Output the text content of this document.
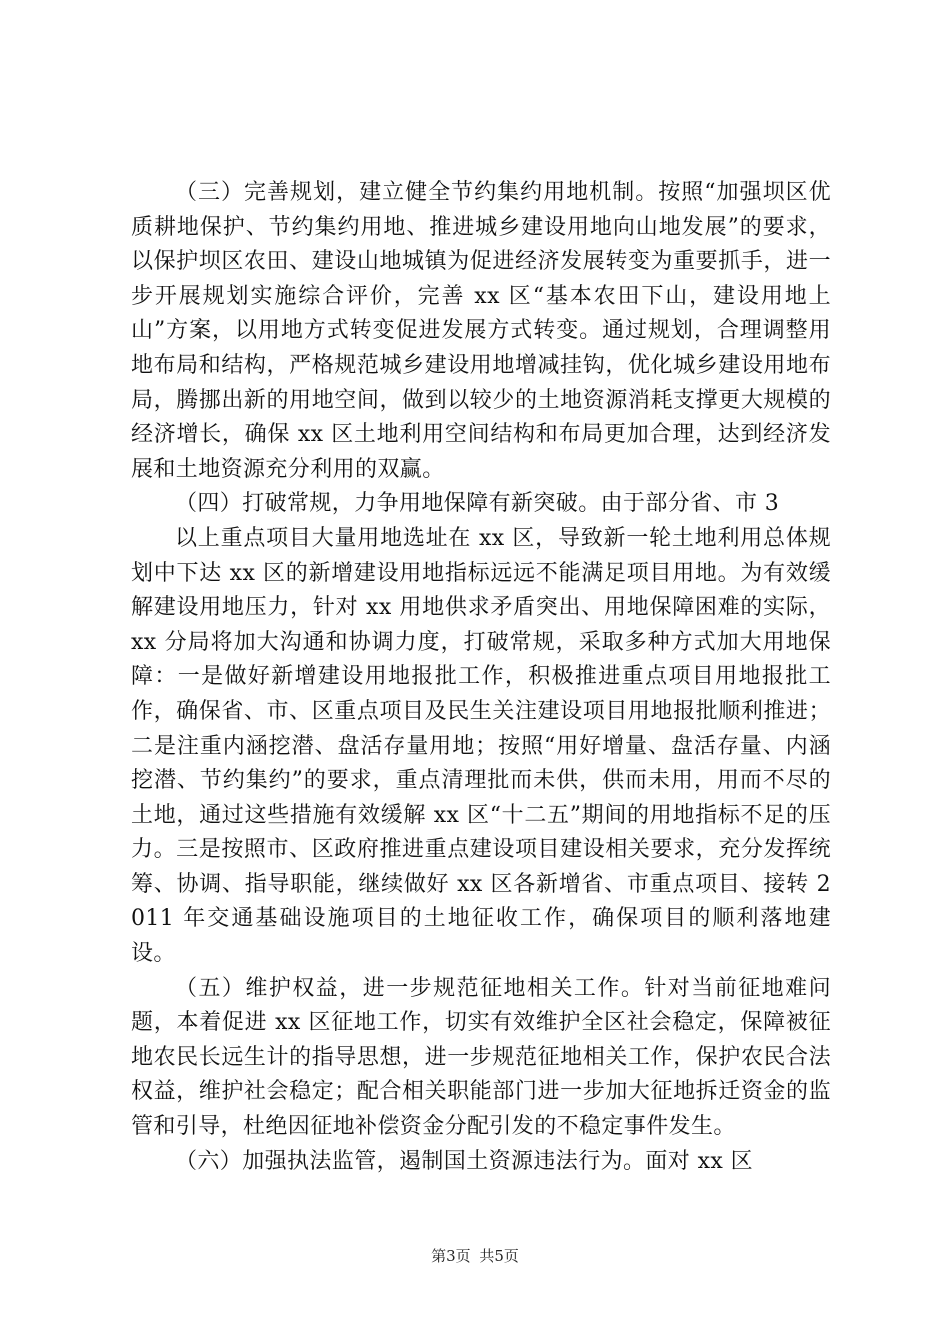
（三）完善规划，建立健全节约集约用地机制。按照“加强坝区优质耕地保护、节约集约用地、推进城乡建设用地向山地发展”的要求，以保护坝区农田、建设山地城镇为促进经济发展转变为重要抓手，进一步开展规划实施综合评价，完善 xx 区“基本农田下山，建设用地上山”方案，以用地方式转变促进发展方式转变。通过规划，合理调整用地布局和结构，严格规范城乡建设用地增减挂钩，优化城乡建设用地布局，腾挪出新的用地空间，做到以较少的土地资源消耗支撑更大规模的经济增长，确保 xx 区土地利用空间结构和布局更加合理，达到经济发展和土地资源充分利用的双赢。

（四）打破常规，力争用地保障有新突破。由于部分省、市 3

以上重点项目大量用地选址在 xx 区，导致新一轮土地利用总体规划中下达 xx 区的新增建设用地指标远远不能满足项目用地。为有效缓解建设用地压力，针对 xx 用地供求矛盾突出、用地保障困难的实际，xx 分局将加大沟通和协调力度，打破常规，采取多种方式加大用地保障：一是做好新增建设用地报批工作，积极推进重点项目用地报批工作，确保省、市、区重点项目及民生关注建设项目用地报批顺利推进；二是注重内涵挖潜、盘活存量用地；按照“用好增量、盘活存量、内涵挖潜、节约集约”的要求，重点清理批而未供，供而未用，用而不尽的土地，通过这些措施有效缓解 xx 区“十二五”期间的用地指标不足的压力。三是按照市、区政府推进重点建设项目建设相关要求，充分发挥统筹、协调、指导职能，继续做好 xx 区各新增省、市重点项目、接转 2011 年交通基础设施项目的土地征收工作，确保项目的顺利落地建设。

（五）维护权益，进一步规范征地相关工作。针对当前征地难问题，本着促进 xx 区征地工作，切实有效维护全区社会稳定，保障被征地农民长远生计的指导思想，进一步规范征地相关工作，保护农民合法权益，维护社会稳定；配合相关职能部门进一步加大征地拆迁资金的监管和引导，杜绝因征地补偿资金分配引发的不稳定事件发生。

（六）加强执法监管，遏制国土资源违法行为。面对 xx 区

第3页 共5页
